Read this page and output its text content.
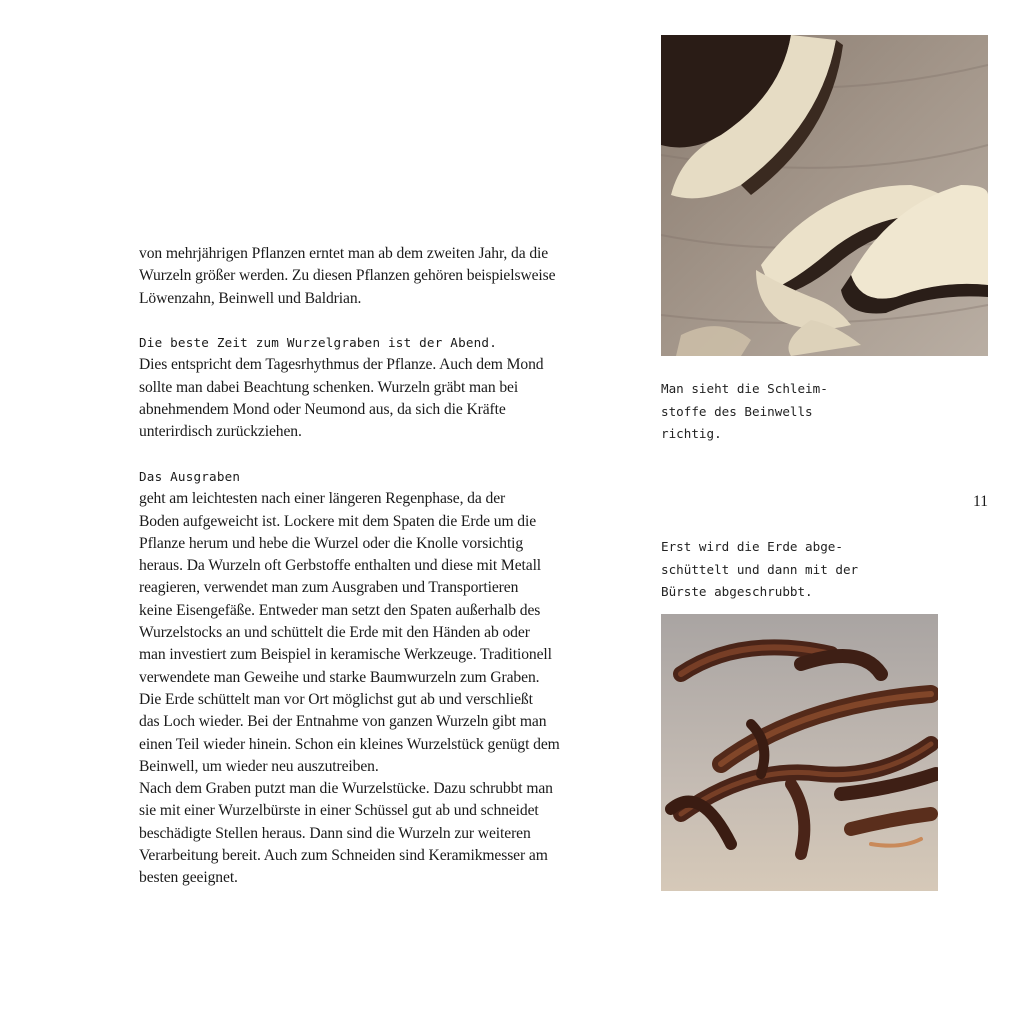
von mehrjährigen Pflanzen erntet man ab dem zweiten Jahr, da die

Wurzeln größer werden. Zu diesen Pflanzen gehören beispielsweise

Löwenzahn, Beinwell und Baldrian.

Die beste Zeit zum Wurzelgraben ist der Abend.

Dies entspricht dem Tagesrhythmus der Pflanze. Auch dem Mond

sollte man dabei Beachtung schenken. Wurzeln gräbt man bei

abnehmendem Mond oder Neumond aus, da sich die Kräfte

unterirdisch zurückziehen.

Das Ausgraben

geht am leichtesten nach einer längeren Regenphase, da der

Boden aufgeweicht ist. Lockere mit dem Spaten die Erde um die

Pflanze herum und hebe die Wurzel oder die Knolle vorsichtig

heraus. Da Wurzeln oft Gerbstoffe enthalten und diese mit Metall

reagieren, verwendet man zum Ausgraben und Transportieren

keine Eisengefäße. Entweder man setzt den Spaten außerhalb des

Wurzelstocks an und schüttelt die Erde mit den Händen ab oder

man investiert zum Beispiel in keramische Werkzeuge. Traditionell

verwendete man Geweihe und starke Baumwurzeln zum Graben.

Die Erde schüttelt man vor Ort möglichst gut ab und verschließt

das Loch wieder. Bei der Entnahme von ganzen Wurzeln gibt man

einen Teil wieder hinein. Schon ein kleines Wurzelstück genügt dem

Beinwell, um wieder neu auszutreiben.

Nach dem Graben putzt man die Wurzelstücke. Dazu schrubbt man

sie mit einer Wurzelbürste in einer Schüssel gut ab und schneidet

beschädigte Stellen heraus. Dann sind die Wurzeln zur weiteren

Verarbeitung bereit. Auch zum Schneiden sind Keramikmesser am

besten geeignet.

Man sieht die Schleim-
stoffe des Beinwells
richtig.
11
Erst wird die Erde abge-
schüttelt und dann mit der
Bürste abgeschrubbt.
